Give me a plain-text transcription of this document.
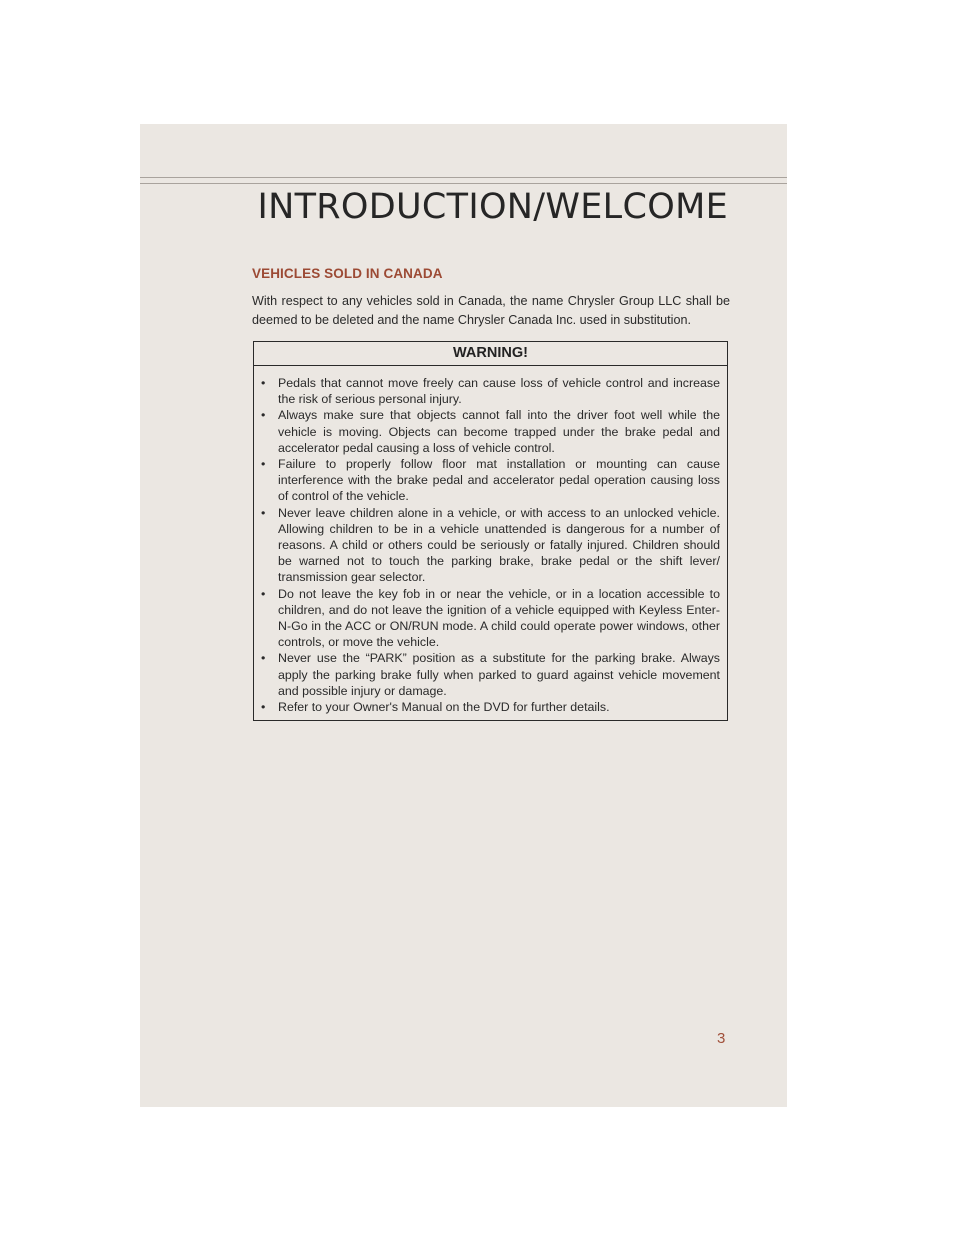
INTRODUCTION/WELCOME
VEHICLES SOLD IN CANADA
With respect to any vehicles sold in Canada, the name Chrysler Group LLC shall be deemed to be deleted and the name Chrysler Canada Inc. used in substitution.
WARNING!
•	Pedals that cannot move freely can cause loss of vehicle control and increase the risk of serious personal injury.
•	Always make sure that objects cannot fall into the driver foot well while the vehicle is moving. Objects can become trapped under the brake pedal and accelerator pedal causing a loss of vehicle control.
•	Failure to properly follow floor mat installation or mounting can cause interference with the brake pedal and accelerator pedal operation causing loss of control of the vehicle.
•	Never leave children alone in a vehicle, or with access to an unlocked vehicle. Allowing children to be in a vehicle unattended is dangerous for a number of reasons. A child or others could be seriously or fatally injured. Children should be warned not to touch the parking brake, brake pedal or the shift lever/ transmission gear selector.
•	Do not leave the key fob in or near the vehicle, or in a location accessible to children, and do not leave the ignition of a vehicle equipped with Keyless Enter-N-Go in the ACC or ON/RUN mode. A child could operate power windows, other controls, or move the vehicle.
•	Never use the “PARK” position as a substitute for the parking brake. Always apply the parking brake fully when parked to guard against vehicle movement and possible injury or damage.
•	Refer to your Owner's Manual on the DVD for further details.
3
